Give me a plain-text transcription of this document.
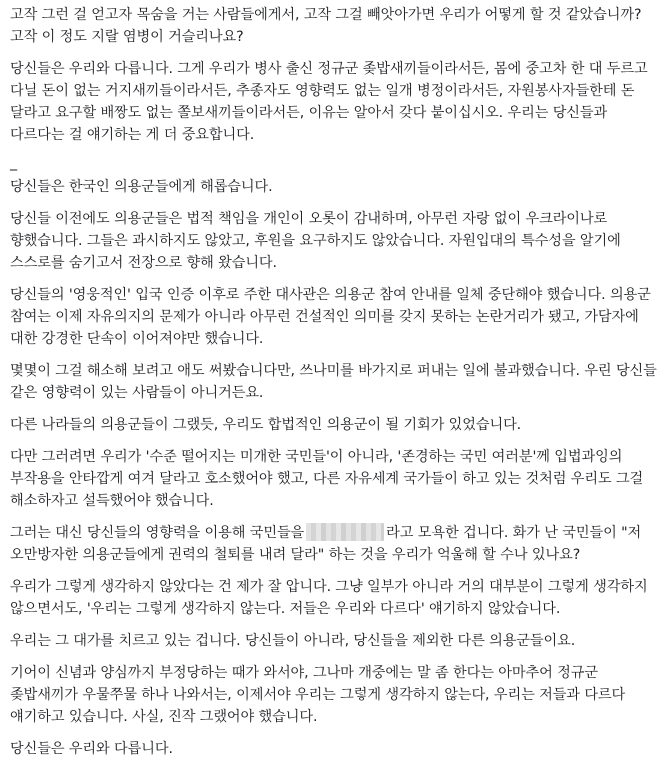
고작 그런 걸 얻고자 목숨을 거는 사람들에게서, 고작 그걸 빼앗아가면 우리가 어떻게 할 것 같았습니까? 고작 이 정도 지랄 염병이 거슬리나요?

당신들은 우리와 다릅니다. 그게 우리가 병사 출신 정규군 좆밥새끼들이라서든, 몸에 중고차 한 대 두르고 다닐 돈이 없는 거지새끼들이라서든, 추종자도 영향력도 없는 일개 병정이라서든, 자원봉사자들한테 돈 달라고 요구할 배짱도 없는 쫄보새끼들이라서든, 이유는 알아서 갖다 붙이십시오. 우리는 당신들과 다르다는 걸 얘기하는 게 더 중요합니다.

_

당신들은 한국인 의용군들에게 해롭습니다.

당신들 이전에도 의용군들은 법적 책임을 개인이 오롯이 감내하며, 아무런 자랑 없이 우크라이나로 향했습니다. 그들은 과시하지도 않았고, 후원을 요구하지도 않았습니다. 자원입대의 특수성을 알기에 스스로를 숨기고서 전장으로 향해 왔습니다.

당신들의 '영웅적인' 입국 인증 이후로 주한 대사관은 의용군 참여 안내를 일체 중단해야 했습니다. 의용군 참여는 이제 자유의지의 문제가 아니라 아무런 건설적인 의미를 갖지 못하는 논란거리가 됐고, 가담자에 대한 강경한 단속이 이어져야만 했습니다.

몇몇이 그걸 해소해 보려고 애도 써봤습니다만, 쓰나미를 바가지로 퍼내는 일에 불과했습니다. 우린 당신들 같은 영향력이 있는 사람들이 아니거든요.

다른 나라들의 의용군들이 그랬듯, 우리도 합법적인 의용군이 될 기회가 있었습니다.

다만 그러려면 우리가 '수준 떨어지는 미개한 국민들'이 아니라, '존경하는 국민 여러분'께 입법과잉의 부작용을 안타깝게 여겨 달라고 호소했어야 했고, 다른 자유세계 국가들이 하고 있는 것처럼 우리도 그걸 해소하자고 설득했어야 했습니다.

그러는 대신 당신들의 영향력을 이용해 국민들을	라고 모욕한 겁니다. 화가 난 국민들이 "저 오만방자한 의용군들에게 권력의 철퇴를 내려 달라" 하는 것을 우리가 억울해 할 수나 있나요?

우리가 그렇게 생각하지 않았다는 건 제가 잘 압니다. 그냥 일부가 아니라 거의 대부분이 그렇게 생각하지 않으면서도, '우리는 그렇게 생각하지 않는다. 저들은 우리와 다르다' 얘기하지 않았습니다.

우리는 그 대가를 치르고 있는 겁니다. 당신들이 아니라, 당신들을 제외한 다른 의용군들이요.

기어이 신념과 양심까지 부정당하는 때가 와서야, 그나마 개중에는 말 좀 한다는 아마추어 정규군 좆밥새끼가 우물쭈물 하나 나와서는, 이제서야 우리는 그렇게 생각하지 않는다, 우리는 저들과 다르다 얘기하고 있습니다. 사실, 진작 그랬어야 했습니다.

당신들은 우리와 다릅니다.
